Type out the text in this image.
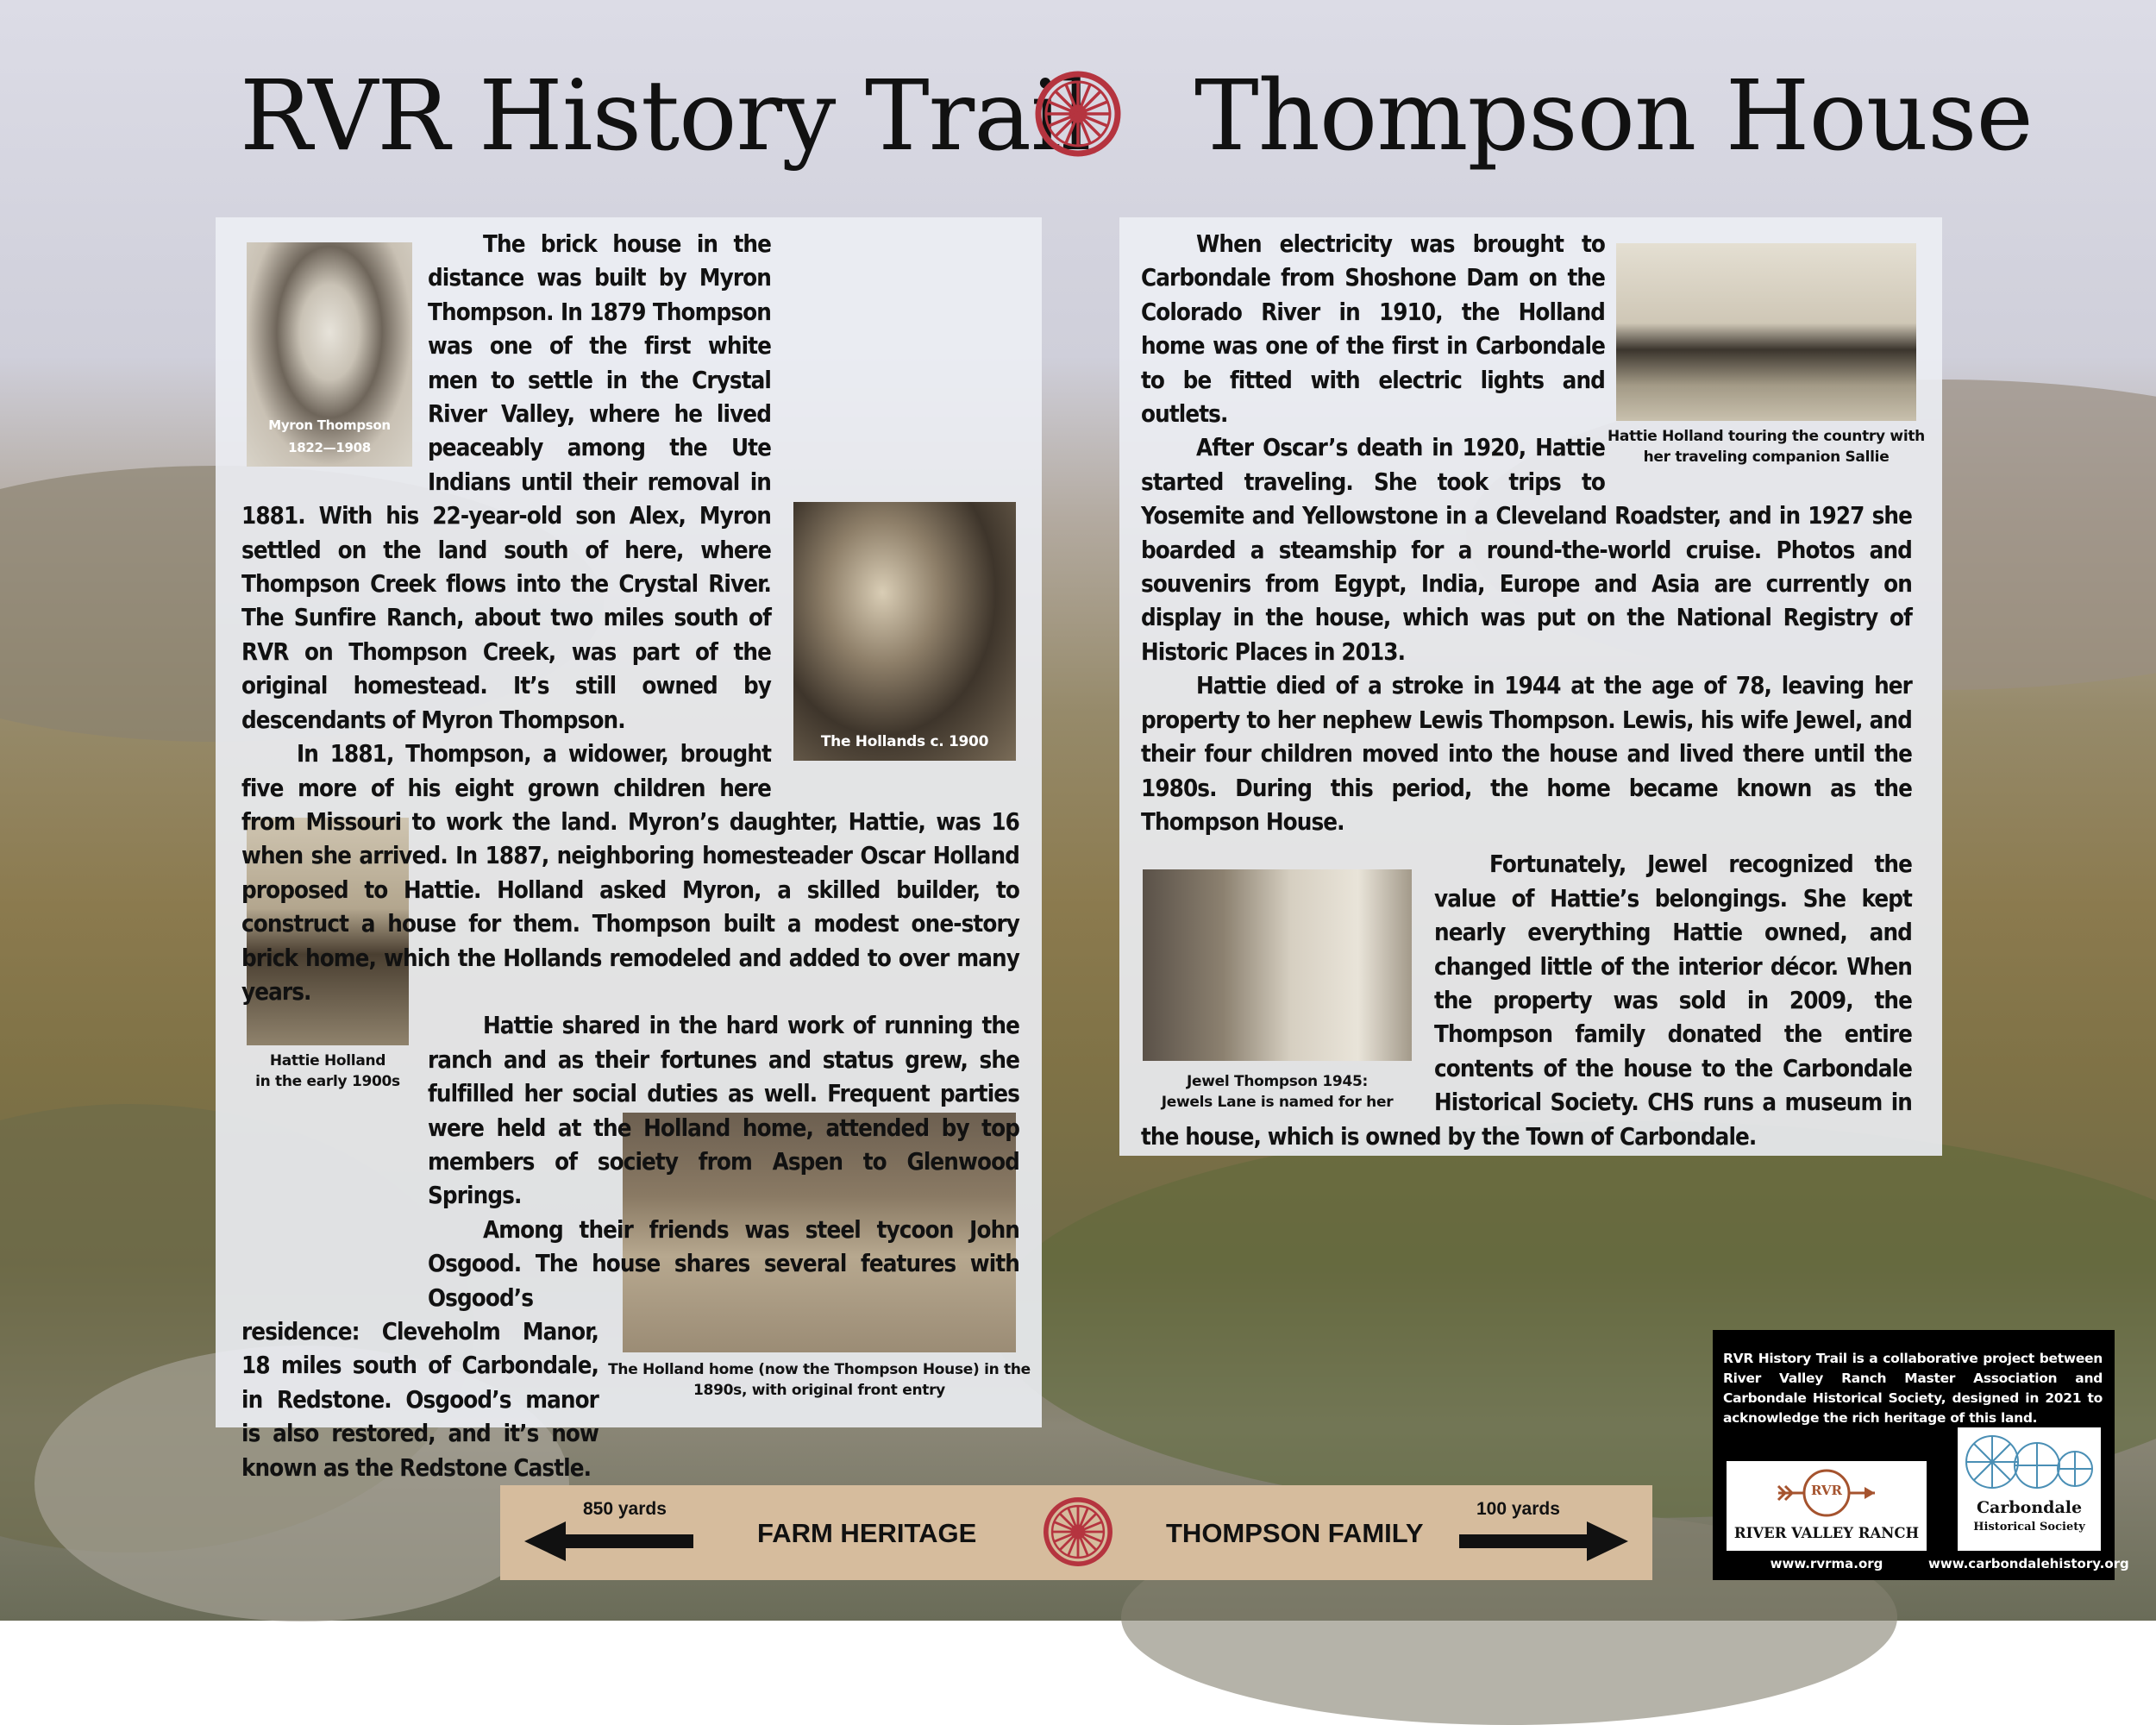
RVR History Trail Thompson House
Myron Thompson
1822—1908
The Hollands c. 1900
Hattie Holland
in the early 1900s
The Holland home (now the Thompson House) in the
1890s, with original front entry

The brick house in the distance was built by Myron Thompson. In 1879 Thompson was one of the first white men to settle in the Crystal River Valley, where he lived peaceably among the Ute Indians until their removal in 1881. With his 22-year-old son Alex, Myron settled on the land south of here, where Thompson Creek flows into the Crystal River. The Sunfire Ranch, about two miles south of RVR on Thompson Creek, was part of the original homestead. It’s still owned by descendants of Myron Thompson.

In 1881, Thompson, a widower, brought five more of his eight grown children here from Missouri to work the land. Myron’s daughter, Hattie, was 16 when she arrived. In 1887, neighboring homesteader Oscar Holland proposed to Hattie. Holland asked Myron, a skilled builder, to construct a house for them. Thompson built a modest one-story brick home, which the Hollands remodeled and added to over many years.

Hattie shared in the hard work of running the ranch and as their fortunes and status grew, she fulfilled her social duties as well. Frequent parties were held at the Holland home, attended by top members of society from Aspen to Glenwood Springs.

Among their friends was steel tycoon John Osgood. The house shares several features with Osgood’s residence: Cleveholm Manor, 18 miles south of Carbondale, in Redstone. Osgood’s manor is also restored, and it’s now known as the Redstone Castle.

Hattie Holland touring the country with
her traveling companion Sallie
Jewel Thompson 1945:
Jewels Lane is named for her

When electricity was brought to Carbondale from Shoshone Dam on the Colorado River in 1910, the Holland home was one of the first in Carbondale to be fitted with electric lights and outlets.

After Oscar’s death in 1920, Hattie started traveling. She took trips to Yosemite and Yellowstone in a Cleveland Roadster, and in 1927 she boarded a steamship for a round-the-world cruise. Photos and souvenirs from Egypt, India, Europe and Asia are currently on display in the house, which was put on the National Registry of Historic Places in 2013.

Hattie died of a stroke in 1944 at the age of 78, leaving her property to her nephew Lewis Thompson. Lewis, his wife Jewel, and their four children moved into the house and lived there until the 1980s. During this period, the home became known as the Thompson House.

Fortunately, Jewel recognized the value of Hattie’s belongings. She kept nearly everything Hattie owned, and changed little of the interior décor. When the property was sold in 2009, the Thompson family donated the entire contents of the house to the Carbondale Historical Society. CHS runs a museum in the house, which is owned by the Town of Carbondale.

850 yards
FARM HERITAGE	THOMPSON FAMILY
100 yards
RVR History Trail is a collaborative project between River Valley Ranch Master Association and Carbondale Historical Society, designed in 2021 to acknowledge the rich heritage of this land.
RVR
RIVER VALLEY RANCH
Carbondale
Historical Society
www.rvrma.org	www.carbondalehistory.org
